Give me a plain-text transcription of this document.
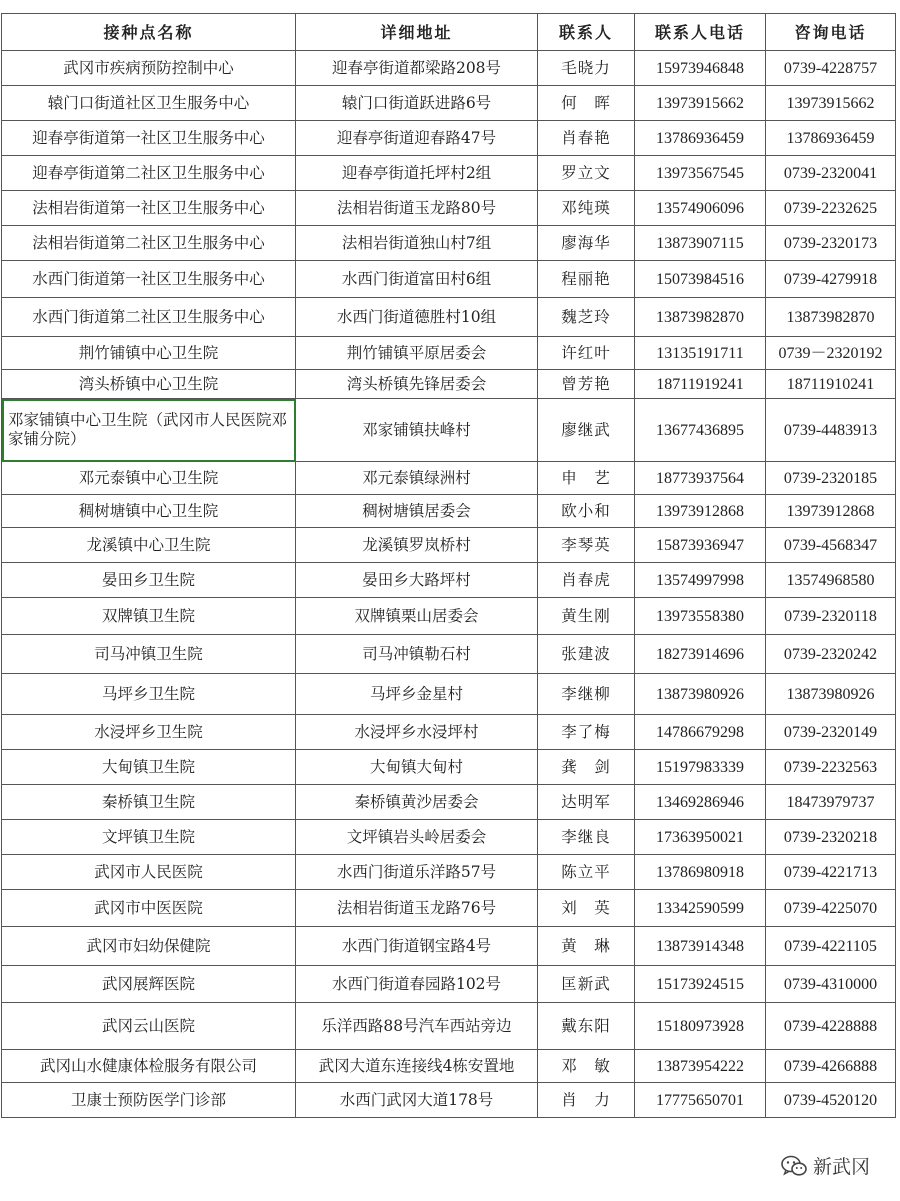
接种点名称	详细地址	联系人	联系人电话	咨询电话
武冈市疾病预防控制中心	迎春亭街道都梁路208号	毛晓力	15973946848	0739-4228757
辕门口街道社区卫生服务中心	辕门口街道跃进路6号	何　晖	13973915662	13973915662
迎春亭街道第一社区卫生服务中心	迎春亭街道迎春路47号	肖春艳	13786936459	13786936459
迎春亭街道第二社区卫生服务中心	迎春亭街道托坪村2组	罗立文	13973567545	0739-2320041
法相岩街道第一社区卫生服务中心	法相岩街道玉龙路80号	邓纯瑛	13574906096	0739-2232625
法相岩街道第二社区卫生服务中心	法相岩街道独山村7组	廖海华	13873907115	0739-2320173
水西门街道第一社区卫生服务中心	水西门街道富田村6组	程丽艳	15073984516	0739-4279918
水西门街道第二社区卫生服务中心	水西门街道德胜村10组	魏芝玲	13873982870	13873982870
荆竹铺镇中心卫生院	荆竹铺镇平原居委会	许红叶	13135191711	0739－2320192
湾头桥镇中心卫生院	湾头桥镇先锋居委会	曾芳艳	18711919241	18711910241
邓家铺镇中心卫生院（武冈市人民医院邓家铺分院）	邓家铺镇扶峰村	廖继武	13677436895	0739-4483913
邓元泰镇中心卫生院	邓元泰镇绿洲村	申　艺	18773937564	0739-2320185
稠树塘镇中心卫生院	稠树塘镇居委会	欧小和	13973912868	13973912868
龙溪镇中心卫生院	龙溪镇罗岚桥村	李琴英	15873936947	0739-4568347
晏田乡卫生院	晏田乡大路坪村	肖春虎	13574997998	13574968580
双牌镇卫生院	双牌镇栗山居委会	黄生刚	13973558380	0739-2320118
司马冲镇卫生院	司马冲镇勒石村	张建波	18273914696	0739-2320242
马坪乡卫生院	马坪乡金星村	李继柳	13873980926	13873980926
水浸坪乡卫生院	水浸坪乡水浸坪村	李了梅	14786679298	0739-2320149
大甸镇卫生院	大甸镇大甸村	龚　剑	15197983339	0739-2232563
秦桥镇卫生院	秦桥镇黄沙居委会	达明军	13469286946	18473979737
文坪镇卫生院	文坪镇岩头岭居委会	李继良	17363950021	0739-2320218
武冈市人民医院	水西门街道乐洋路57号	陈立平	13786980918	0739-4221713
武冈市中医医院	法相岩街道玉龙路76号	刘　英	13342590599	0739-4225070
武冈市妇幼保健院	水西门街道钢宝路4号	黄　琳	13873914348	0739-4221105
武冈展辉医院	水西门街道春园路102号	匡新武	15173924515	0739-4310000
武冈云山医院	乐洋西路88号汽车西站旁边	戴东阳	15180973928	0739-4228888
武冈山水健康体检服务有限公司	武冈大道东连接线4栋安置地	邓　敏	13873954222	0739-4266888
卫康士预防医学门诊部	水西门武冈大道178号	肖　力	17775650701	0739-4520120
新武冈
